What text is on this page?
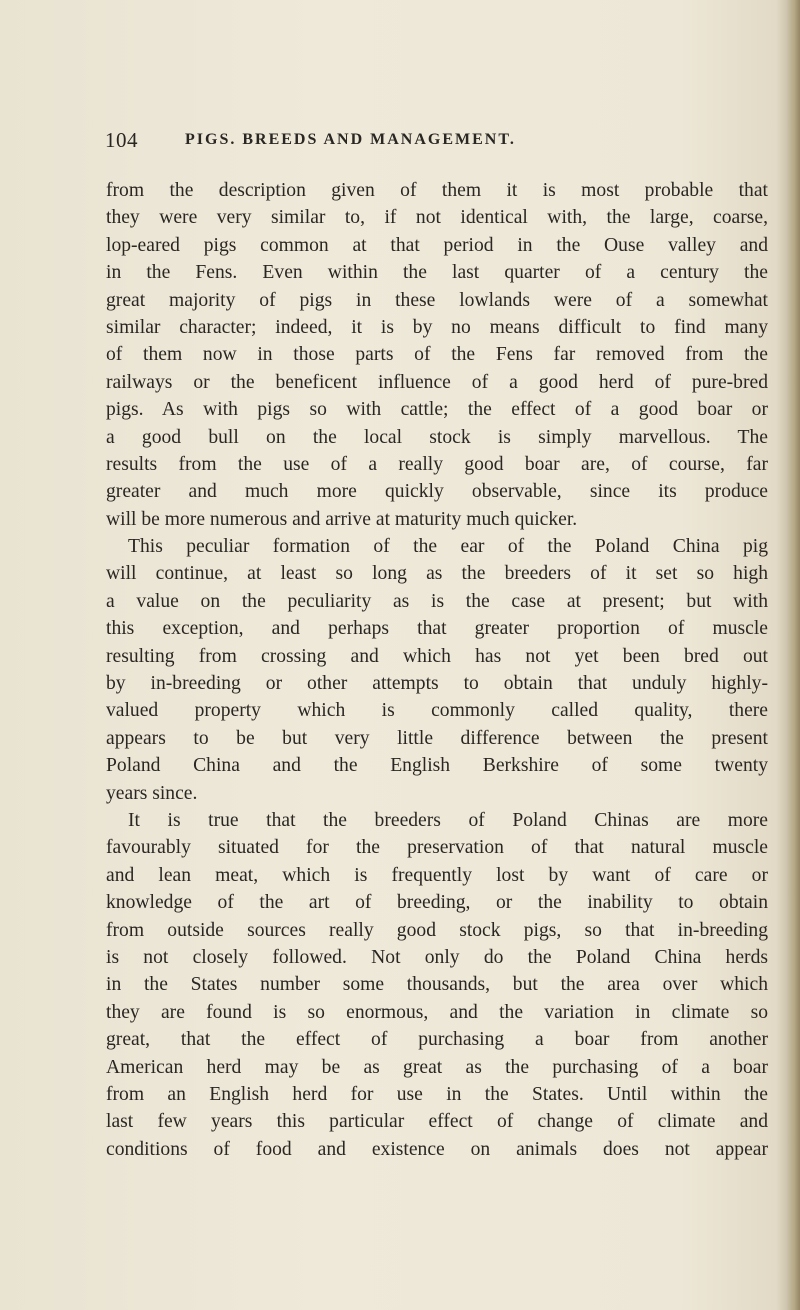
104	PIGS. BREEDS AND MANAGEMENT.
from the description given of them it is most probable that
they were very similar to, if not identical with, the large, coarse,
lop-eared pigs common at that period in the Ouse valley and
in the Fens. Even within the last quarter of a century the
great majority of pigs in these lowlands were of a somewhat
similar character; indeed, it is by no means difficult to find many
of them now in those parts of the Fens far removed from the
railways or the beneficent influence of a good herd of pure-bred
pigs. As with pigs so with cattle; the effect of a good boar or
a good bull on the local stock is simply marvellous. The
results from the use of a really good boar are, of course, far
greater and much more quickly observable, since its produce
will be more numerous and arrive at maturity much quicker.
This peculiar formation of the ear of the Poland China pig
will continue, at least so long as the breeders of it set so high
a value on the peculiarity as is the case at present; but with
this exception, and perhaps that greater proportion of muscle
resulting from crossing and which has not yet been bred out
by in-breeding or other attempts to obtain that unduly highly-
valued property which is commonly called quality, there
appears to be but very little difference between the present
Poland China and the English Berkshire of some twenty
years since.
It is true that the breeders of Poland Chinas are more
favourably situated for the preservation of that natural muscle
and lean meat, which is frequently lost by want of care or
knowledge of the art of breeding, or the inability to obtain
from outside sources really good stock pigs, so that in-breeding
is not closely followed. Not only do the Poland China herds
in the States number some thousands, but the area over which
they are found is so enormous, and the variation in climate so
great, that the effect of purchasing a boar from another
American herd may be as great as the purchasing of a boar
from an English herd for use in the States. Until within the
last few years this particular effect of change of climate and
conditions of food and existence on animals does not appear
